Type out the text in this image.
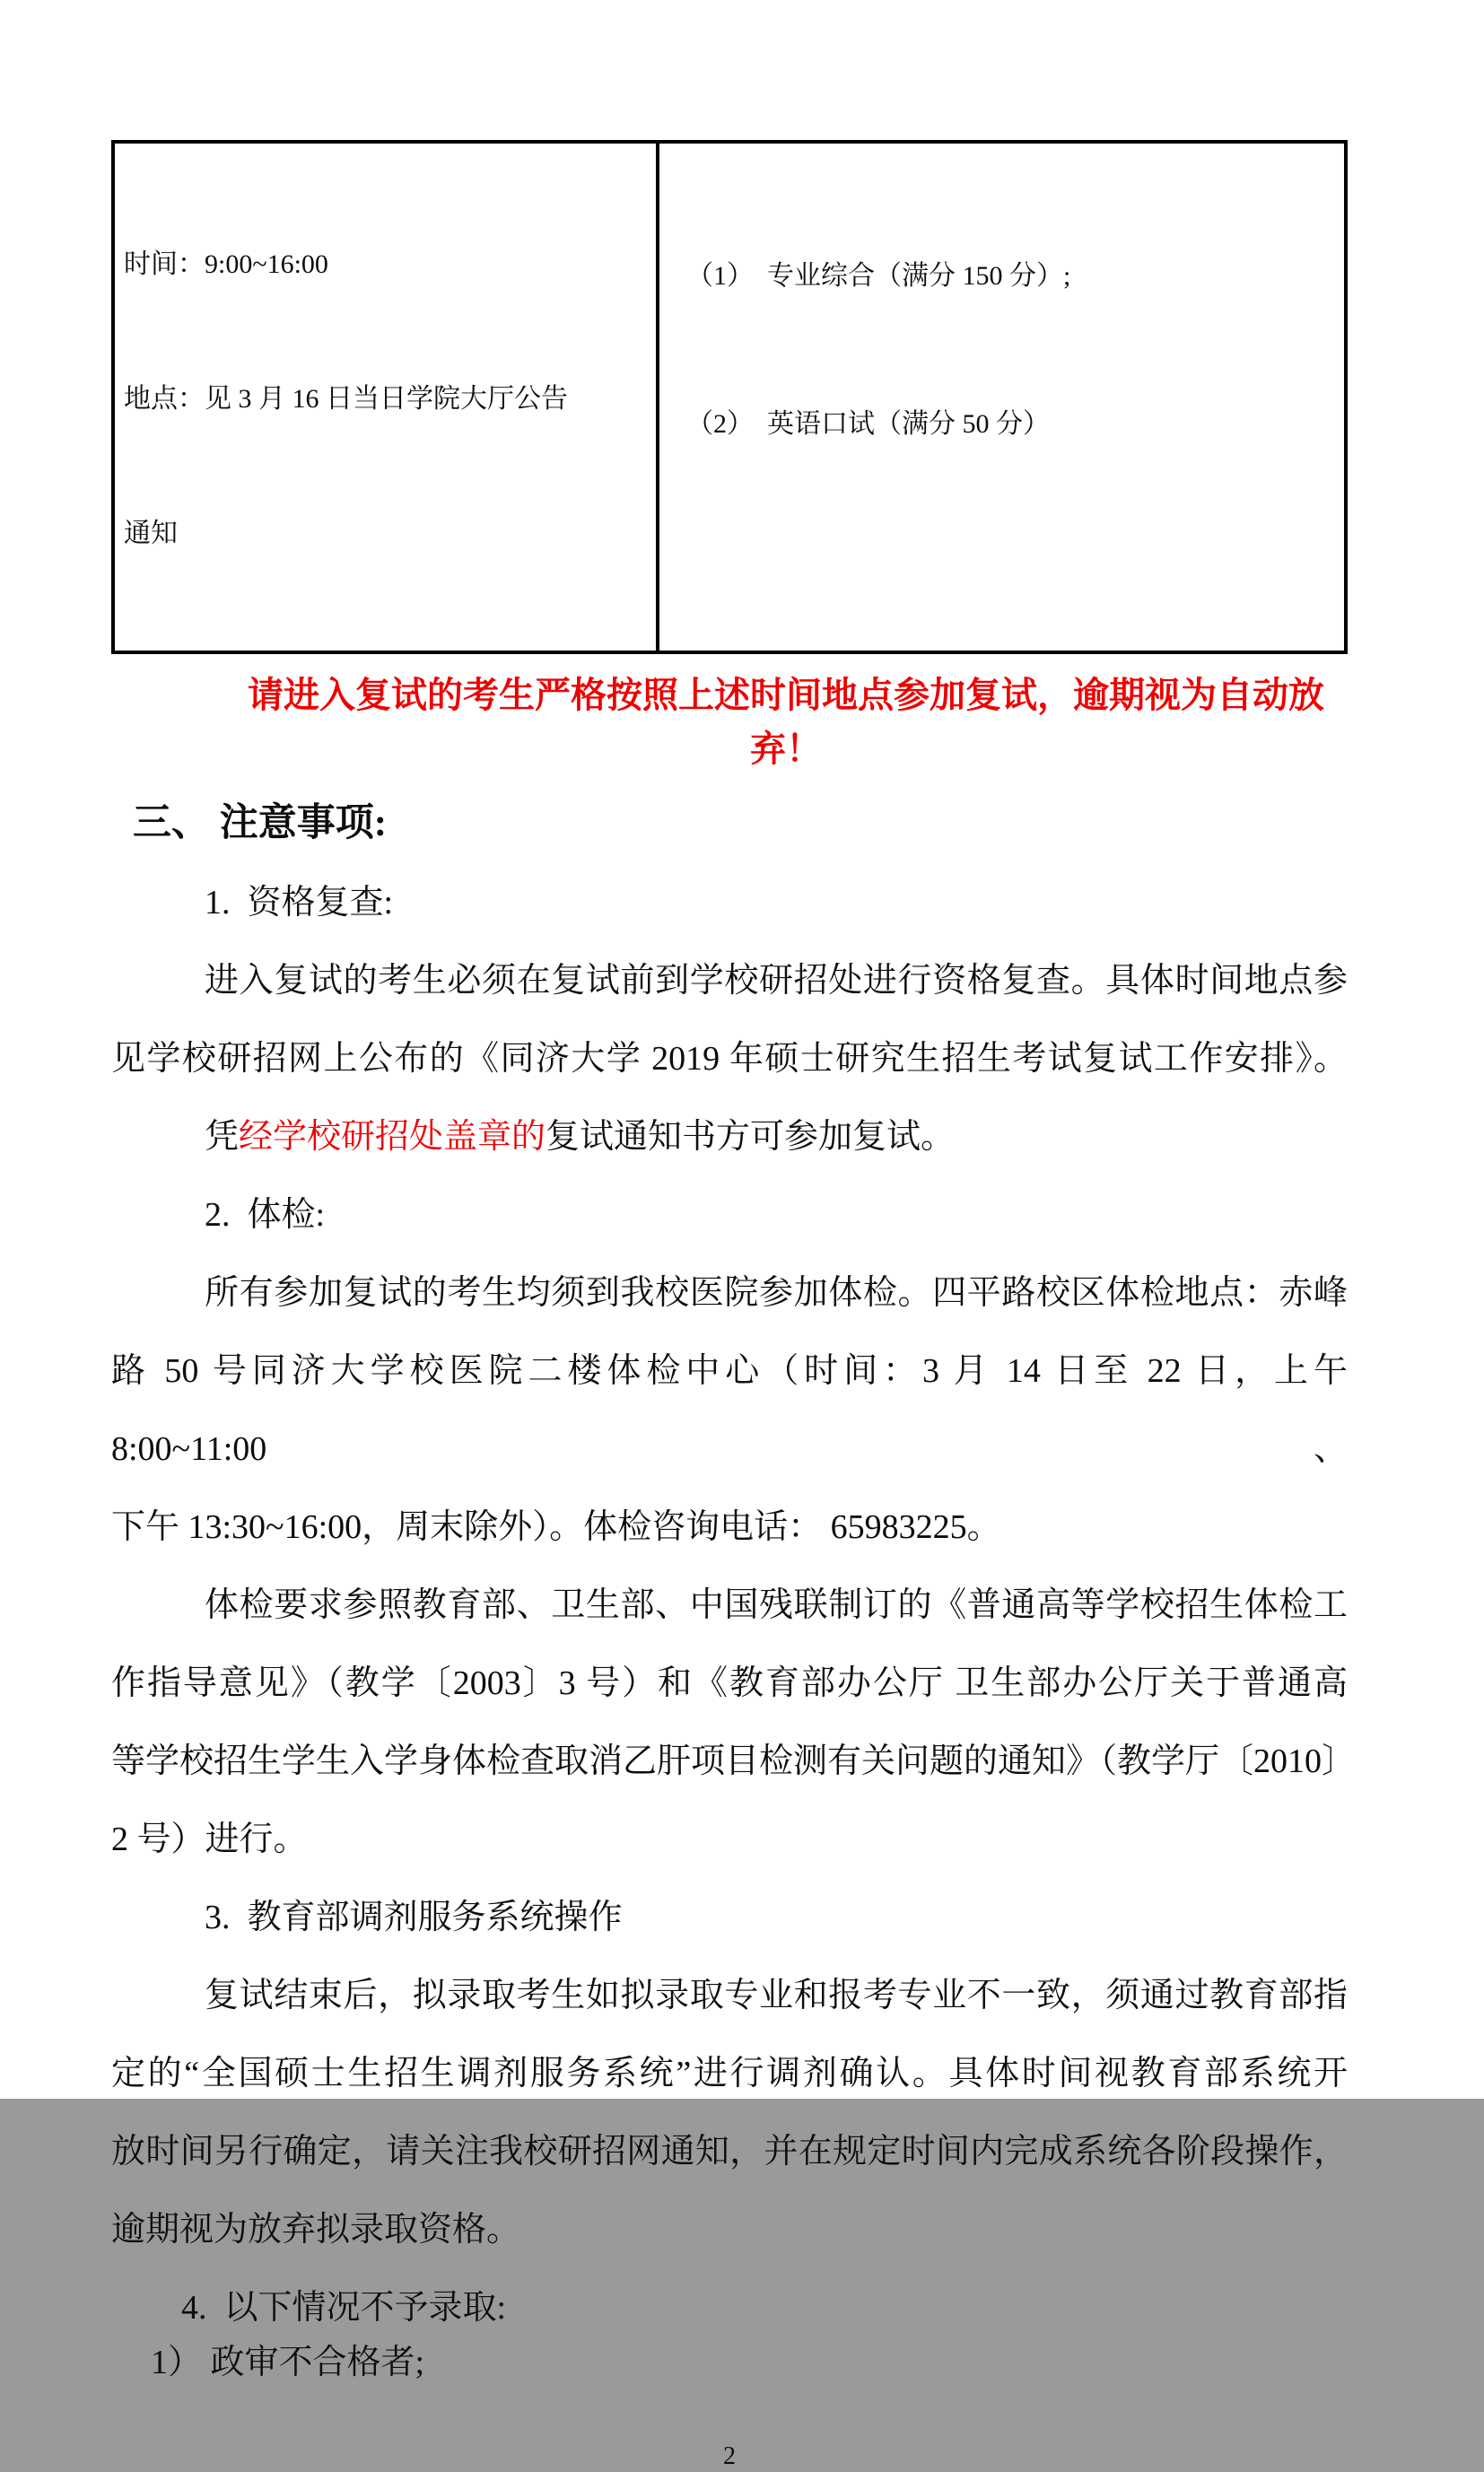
时间：9:00~16:00

地点：见 3 月 16 日当日学院大厅公告

通知

（1）  专业综合（满分 150 分）;

（2）  英语口试（满分 50 分）

请进入复试的考生严格按照上述时间地点参加复试，逾期视为自动放弃！
三、 注意事项:
1.  资格复查:
进入复试的考生必须在复试前到学校研招处进行资格复查。具体时间地点参
见学校研招网上公布的《同济大学 2019 年硕士研究生招生考试复试工作安排》。
凭经学校研招处盖章的复试通知书方可参加复试。
2.  体检:
所有参加复试的考生均须到我校医院参加体检。四平路校区体检地点：赤峰
路 50 号同济大学校医院二楼体检中心（时间：3 月 14 日至 22 日，上午 8:00~11:00、
下午 13:30~16:00，周末除外）。体检咨询电话： 65983225。
体检要求参照教育部、卫生部、中国残联制订的《普通高等学校招生体检工
作指导意见》（教学〔2003〕3 号）和《教育部办公厅 卫生部办公厅关于普通高
等学校招生学生入学身体检查取消乙肝项目检测有关问题的通知》（教学厅〔2010〕
2 号）进行。
3.  教育部调剂服务系统操作
复试结束后，拟录取考生如拟录取专业和报考专业不一致，须通过教育部指
定的“全国硕士生招生调剂服务系统”进行调剂确认。具体时间视教育部系统开
放时间另行确定，请关注我校研招网通知，并在规定时间内完成系统各阶段操作，
逾期视为放弃拟录取资格。
4.  以下情况不予录取:
1） 政审不合格者;
2
